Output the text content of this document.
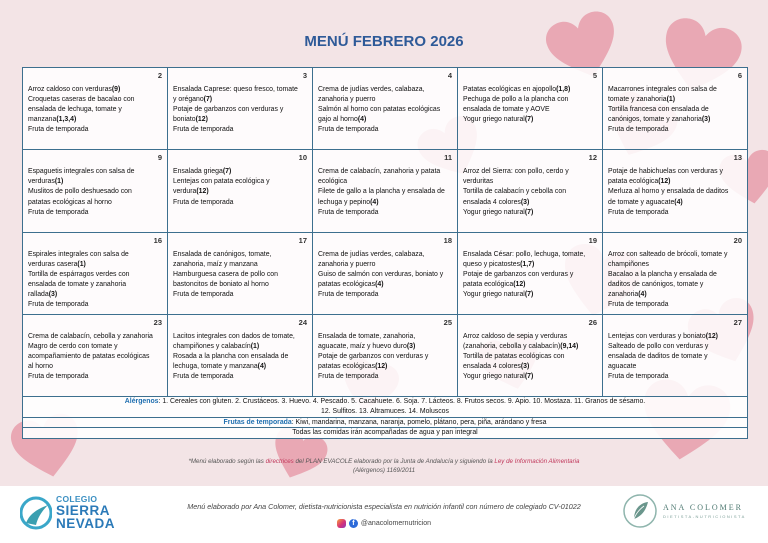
MENÚ FEBRERO 2026
2
Arroz caldoso con verduras(9)
Croquetas caseras de bacalao con
ensalada de lechuga, tomate y
manzana(1,3,4)
Fruta de temporada
3
Ensalada Caprese: queso fresco, tomate
y orégano(7)
Potaje de garbanzos con verduras y
boniato(12)
Fruta de temporada
4
Crema de judías verdes, calabaza,
zanahoria y puerro
Salmón al horno con patatas ecológicas
gajo al horno(4)
Fruta de temporada
5
Patatas ecológicas en ajopollo(1,8)
Pechuga de pollo a la plancha con
ensalada de tomate y AOVE
Yogur griego natural(7)
6
Macarrones integrales con salsa de
tomate y zanahoria(1)
Tortilla francesa con ensalada de
canónigos, tomate y zanahoria(3)
Fruta de temporada
9
Espaguetis integrales con salsa de
verduras(1)
Muslitos de pollo deshuesado con
patatas ecológicas al horno
Fruta de temporada
10
Ensalada griega(7)
Lentejas con patata ecológica y
verdura(12)
Fruta de temporada
11
Crema de calabacín, zanahoria y patata
ecológica
Filete de gallo a la plancha y ensalada de
lechuga y pepino(4)
Fruta de temporada
12
Arroz del Sierra: con pollo, cerdo y
verduritas
Tortilla de calabacín y cebolla con
ensalada 4 colores(3)
Yogur griego natural(7)
13
Potaje de habichuelas con verduras y
patata ecológica(12)
Merluza al horno y ensalada de daditos
de tomate y aguacate(4)
Fruta de temporada
16
Espirales integrales con salsa de
verduras casera(1)
Tortilla de espárragos verdes con
ensalada de tomate y zanahoria
rallada(3)
Fruta de temporada
17
Ensalada de canónigos, tomate,
zanahoria, maíz y manzana
Hamburguesa casera de pollo con
bastoncitos de boniato al horno
Fruta de temporada
18
Crema de judías verdes, calabaza,
zanahoria y puerro
Guiso de salmón con verduras, boniato y
patatas ecológicas(4)
Fruta de temporada
19
Ensalada César: pollo, lechuga, tomate,
queso y picatostes(1,7)
Potaje de garbanzos con verduras y
patata ecológica(12)
Yogur griego natural(7)
20
Arroz con salteado de brócoli, tomate y
champiñones
Bacalao a la plancha y ensalada de
daditos de canónigos, tomate y
zanahoria(4)
Fruta de temporada
23
Crema de calabacín, cebolla y zanahoria
Magro de cerdo con tomate y
acompañamiento de patatas ecológicas
al horno
Fruta de temporada
24
Lacitos integrales con dados de tomate,
champiñones y calabacín(1)
Rosada a la plancha con ensalada de
lechuga, tomate y manzana(4)
Fruta de temporada
25
Ensalada de tomate, zanahoria,
aguacate, maíz y huevo duro(3)
Potaje de garbanzos con verduras y
patatas ecológicas(12)
Fruta de temporada
26
Arroz caldoso de sepia y verduras
(zanahoria, cebolla y calabacín)(9,14)
Tortilla de patatas ecológicas con
ensalada 4 colores(3)
Yogur griego natural(7)
27
Lentejas con verduras y boniato(12)
Salteado de pollo con verduras y
ensalada de daditos de tomate y
aguacate
Fruta de temporada
Alérgenos: 1. Cereales con gluten. 2. Crustáceos. 3. Huevo. 4. Pescado. 5. Cacahuete. 6. Soja. 7. Lácteos. 8. Frutos secos. 9. Apio. 10. Mostaza. 11. Granos de sésamo.
12. Sulfitos. 13. Altramuces. 14. Moluscos
Frutas de temporada: Kiwi, mandarina, manzana, naranja, pomelo, plátano, pera, piña, arándano y fresa
Todas las comidas irán acompañadas de agua y pan integral
*Menú elaborado según las directrices del PLAN EVACOLE elaborado por la Junta de Andalucía y siguiendo la Ley de Información Alimentaria
(Alérgenos) 1169/2011
Menú elaborado por Ana Colomer, dietista-nutricionista especialista en nutrición infantil con número de colegiado CV-01022
f @anacolomernutricion
COLEGIO
SIERRA
NEVADA
ANA COLOMER
DIETISTA-NUTRICIONISTA
